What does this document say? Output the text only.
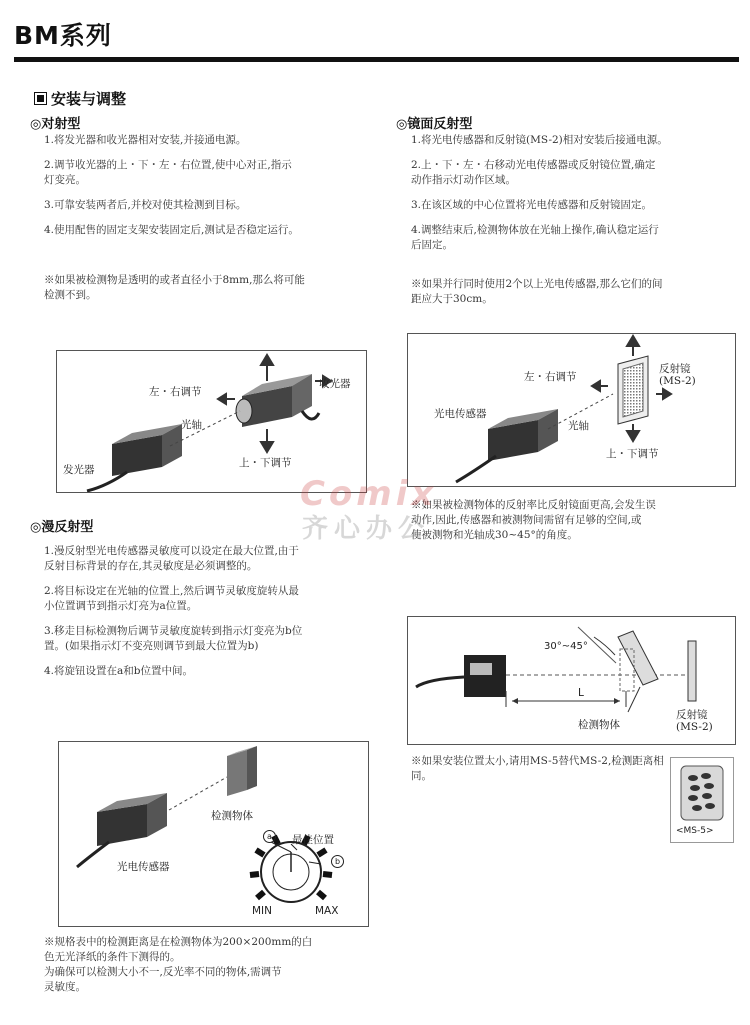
BM系列
安装与调整
◎对射型
1.将发光器和收光器相对安装,并接通电源。
2.调节收光器的上・下・左・右位置,使中心对正,指示
灯变亮。
3.可靠安装两者后,并校对使其检测到目标。
4.使用配售的固定支架安装固定后,测试是否稳定运行。
※如果被检测物是透明的或者直径小于8mm,那么将可能
检测不到。
左・右调节
收光器
光轴
上・下调节
发光器
◎漫反射型
1.漫反射型光电传感器灵敏度可以设定在最大位置,由于
反射目标背景的存在,其灵敏度是必须调整的。
2.将目标设定在光轴的位置上,然后调节灵敏度旋转从最
小位置调节到指示灯亮为a位置。
3.移走目标检测物后调节灵敏度旋转到指示灯变亮为b位
置。(如果指示灯不变亮则调节到最大位置为b)
4.将旋钮设置在a和b位置中间。
检测物体
光电传感器
最佳位置
a
b
MIN	MAX
※规格表中的检测距离是在检测物体为200×200mm的白
色无光泽纸的条件下测得的。
为确保可以检测大小不一,反光率不同的物体,需调节
灵敏度。
◎镜面反射型
1.将光电传感器和反射镜(MS-2)相对安装后接通电源。
2.上・下・左・右移动光电传感器或反射镜位置,确定
动作指示灯动作区域。
3.在该区域的中心位置将光电传感器和反射镜固定。
4.调整结束后,检测物体放在光轴上操作,确认稳定运行
后固定。
※如果并行同时使用2个以上光电传感器,那么它们的间
距应大于30cm。
反射镜
(MS-2)
左・右调节
光电传感器
光轴
上・下调节
※如果被检测物体的反射率比反射镜面更高,会发生误
动作,因此,传感器和被测物间需留有足够的空间,或
使被测物和光轴成30~45°的角度。
30°~45°
L
检测物体
反射镜
(MS-2)
※如果安装位置太小,请用MS-5替代MS-2,检测距离相同。
<MS-5>
Comix
齐心办公
